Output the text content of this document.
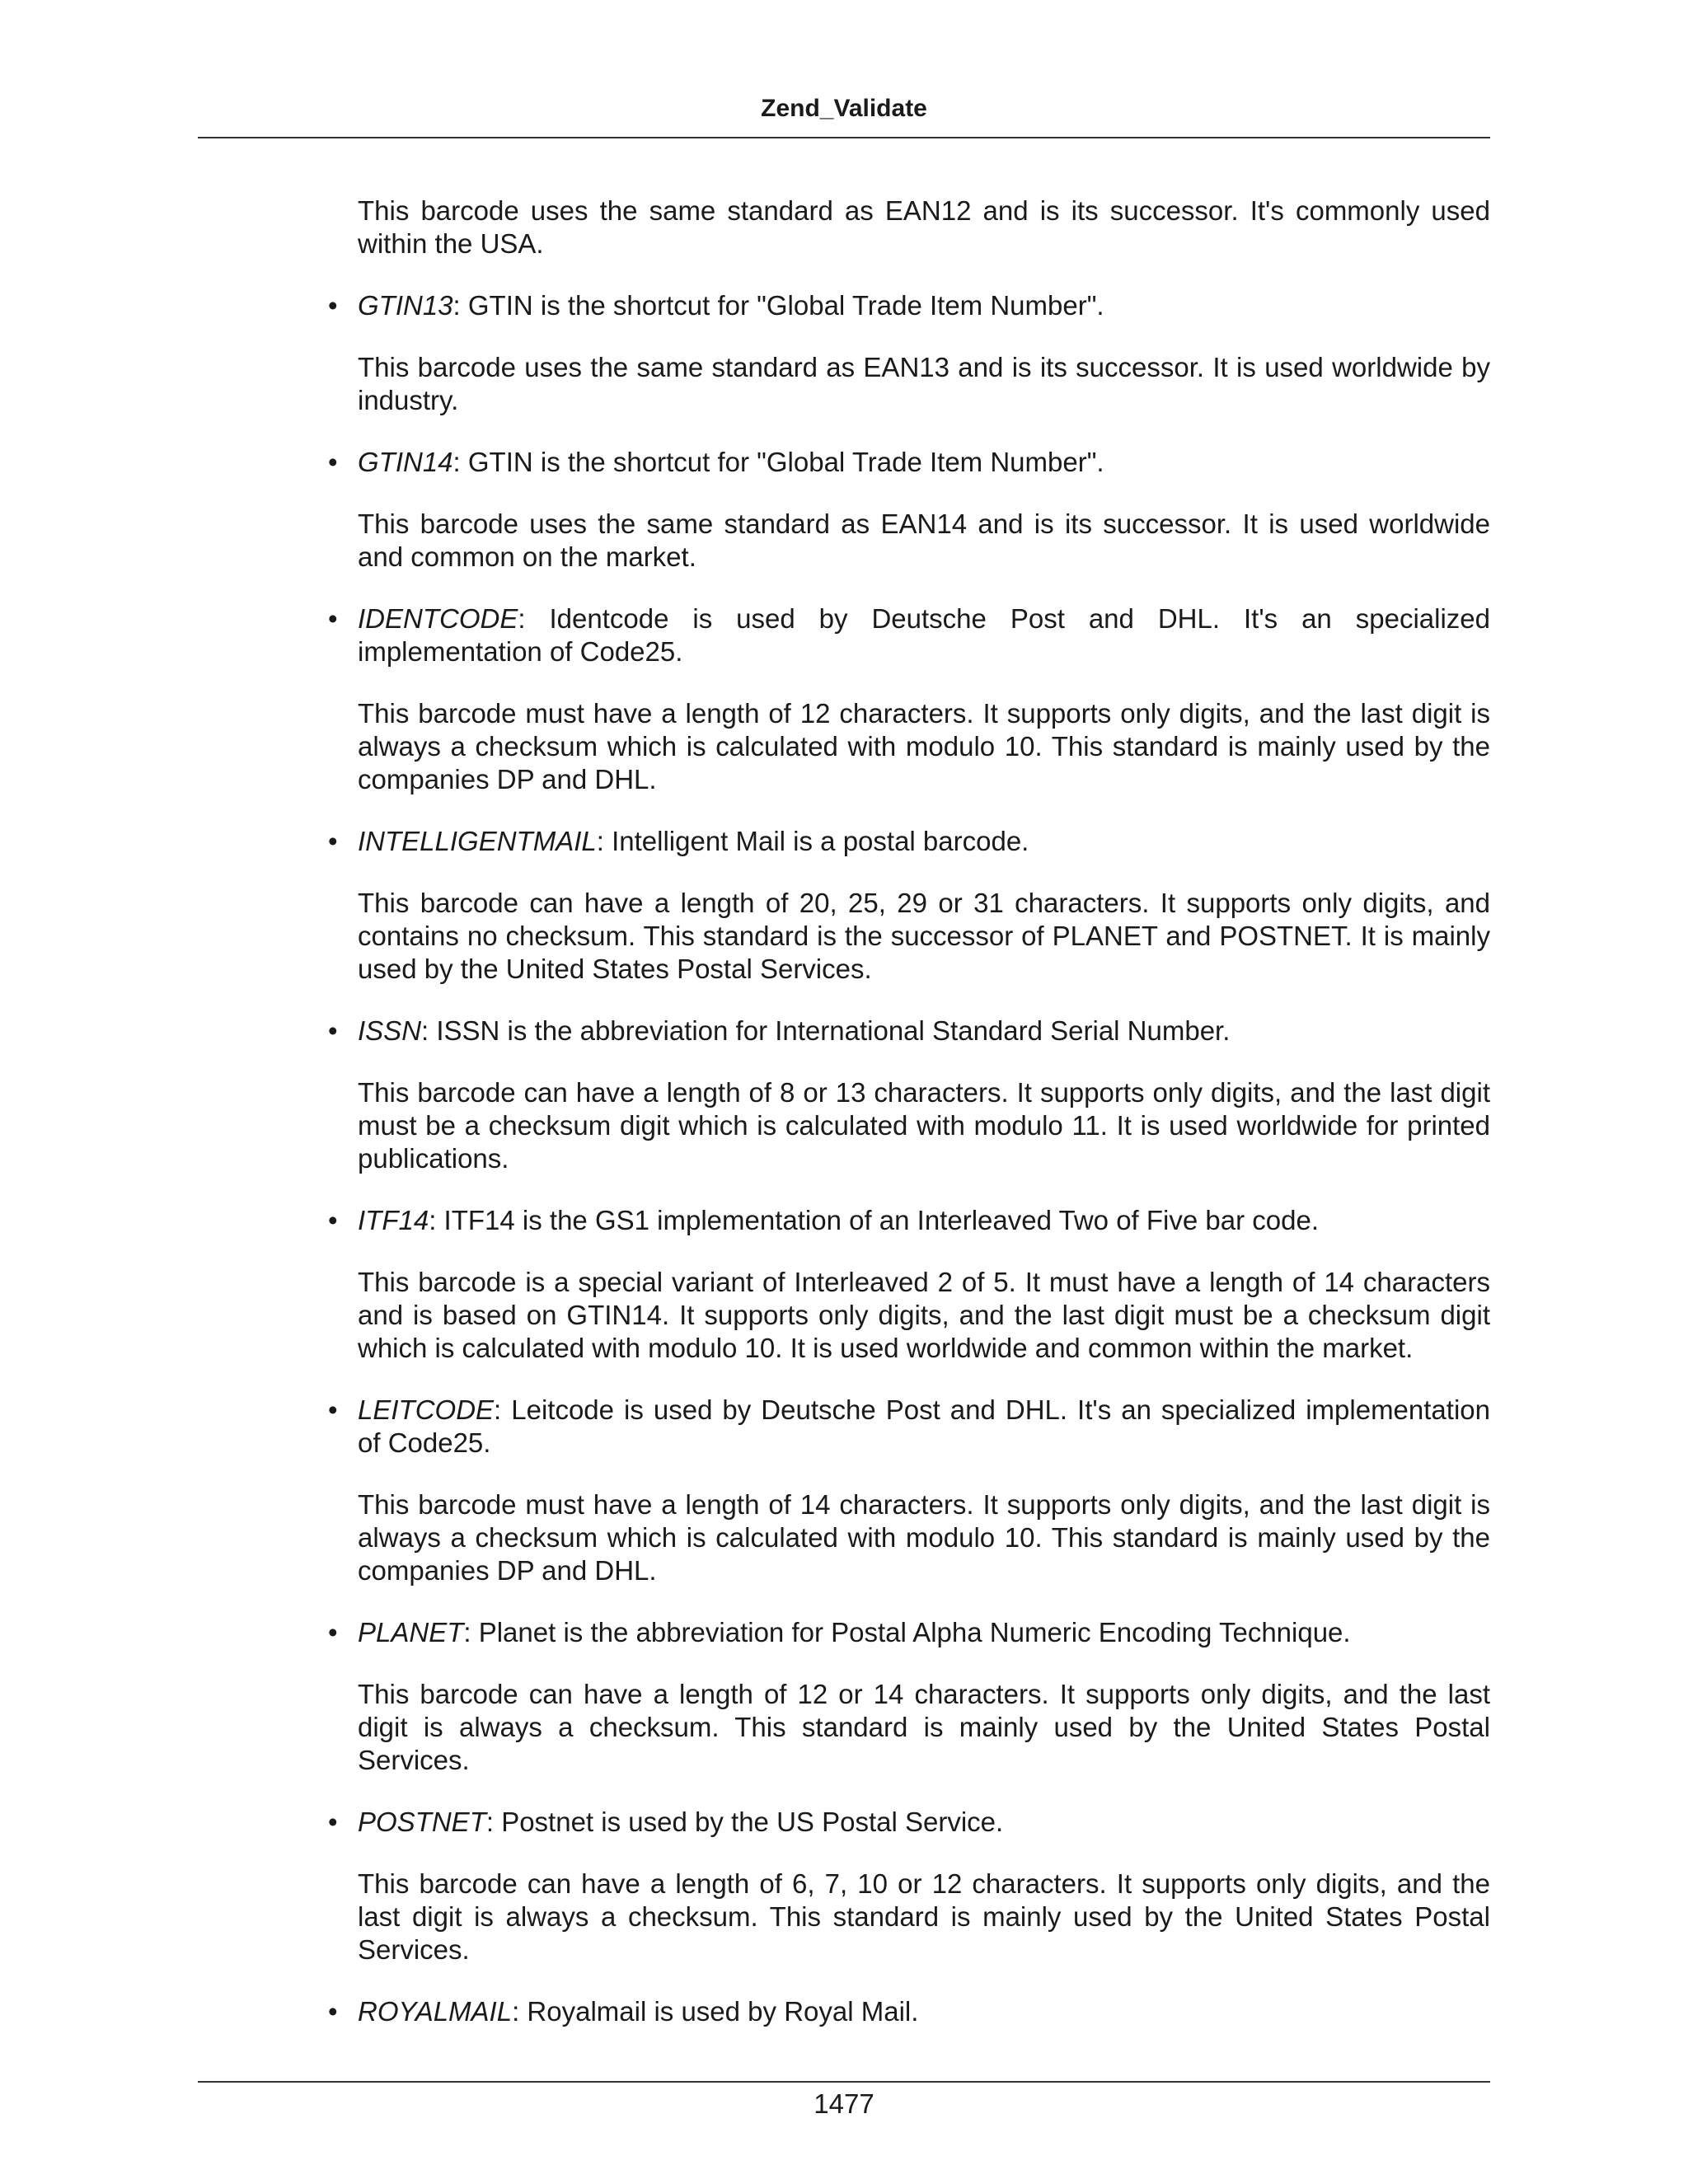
Zend_Validate

This barcode uses the same standard as EAN12 and is its successor. It's commonly used within the USA.

• GTIN13: GTIN is the shortcut for "Global Trade Item Number".

This barcode uses the same standard as EAN13 and is its successor. It is used worldwide by industry.

• GTIN14: GTIN is the shortcut for "Global Trade Item Number".

This barcode uses the same standard as EAN14 and is its successor. It is used worldwide and common on the market.

• IDENTCODE: Identcode is used by Deutsche Post and DHL. It's an specialized implementation of Code25.

This barcode must have a length of 12 characters. It supports only digits, and the last digit is always a checksum which is calculated with modulo 10. This standard is mainly used by the companies DP and DHL.

• INTELLIGENTMAIL: Intelligent Mail is a postal barcode.

This barcode can have a length of 20, 25, 29 or 31 characters. It supports only digits, and contains no checksum. This standard is the successor of PLANET and POSTNET. It is mainly used by the United States Postal Services.

• ISSN: ISSN is the abbreviation for International Standard Serial Number.

This barcode can have a length of 8 or 13 characters. It supports only digits, and the last digit must be a checksum digit which is calculated with modulo 11. It is used worldwide for printed publications.

• ITF14: ITF14 is the GS1 implementation of an Interleaved Two of Five bar code.

This barcode is a special variant of Interleaved 2 of 5. It must have a length of 14 characters and is based on GTIN14. It supports only digits, and the last digit must be a checksum digit which is calculated with modulo 10. It is used worldwide and common within the market.

• LEITCODE: Leitcode is used by Deutsche Post and DHL. It's an specialized implementation of Code25.

This barcode must have a length of 14 characters. It supports only digits, and the last digit is always a checksum which is calculated with modulo 10. This standard is mainly used by the companies DP and DHL.

• PLANET: Planet is the abbreviation for Postal Alpha Numeric Encoding Technique.

This barcode can have a length of 12 or 14 characters. It supports only digits, and the last digit is always a checksum. This standard is mainly used by the United States Postal Services.

• POSTNET: Postnet is used by the US Postal Service.

This barcode can have a length of 6, 7, 10 or 12 characters. It supports only digits, and the last digit is always a checksum. This standard is mainly used by the United States Postal Services.

• ROYALMAIL: Royalmail is used by Royal Mail.

1477
